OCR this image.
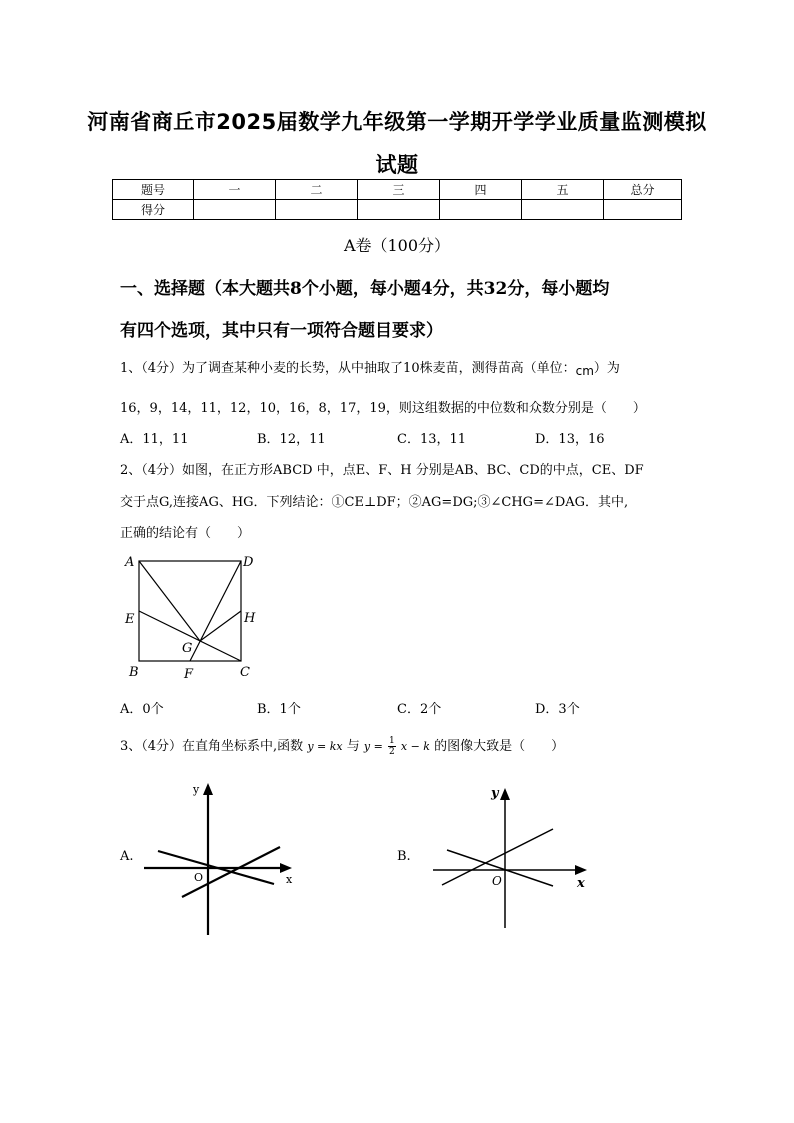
河南省商丘市2025届数学九年级第一学期开学学业质量监测模拟
试题
题号	一	二	三	四	五	总分
得分						
A卷（100分）
一、选择题（本大题共8个小题，每小题4分，共32分，每小题均
有四个选项，其中只有一项符合题目要求）
1、（4分）为了调查某种小麦的长势，从中抽取了10株麦苗，测得苗高（单位：cm）为
16，9，14，11，12，10，16，8，17，19，则这组数据的中位数和众数分别是（　　）
A．11，11	B．12，11	C．13，11	D．13，16
2、（4分）如图，在正方形ABCD 中，点E、F、H 分别是AB、BC、CD的中点，CE、DF
交于点G,连接AG、HG．下列结论：①CE⊥DF；②AG=DG;③∠CHG=∠DAG．其中,
正确的结论有（　　）
A	D
E	H
G
B	F	C
A．0个	B．1个	C．2个	D．3个
3、（4分）在直角坐标系中,函数 y = kx 与 $y = \frac{1}{2}$ x − k 的图像大致是（　　）
A.
x
y
O
B.
x
y
O
